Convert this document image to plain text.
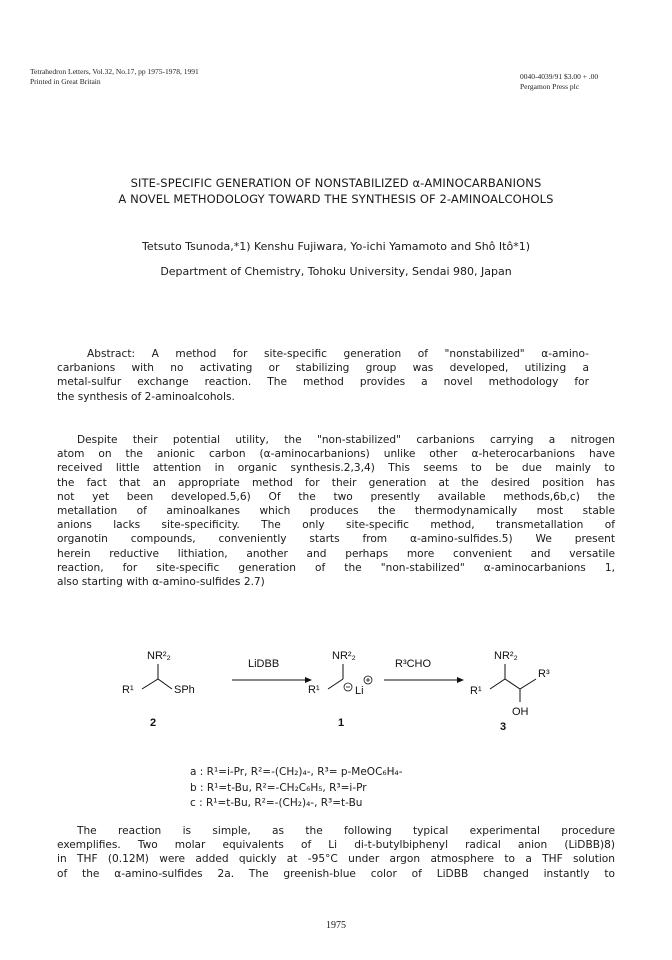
Tetrahedron Letters, Vol.32, No.17, pp 1975-1978, 1991
Printed in Great Britain
0040-4039/91 $3.00 + .00
Pergamon Press plc
SITE-SPECIFIC GENERATION OF NONSTABILIZED α-AMINOCARBANIONS
A NOVEL METHODOLOGY TOWARD THE SYNTHESIS OF 2-AMINOALCOHOLS
Tetsuto Tsunoda,*1) Kenshu Fujiwara, Yo-ichi Yamamoto and Shô Itô*1)
Department of Chemistry, Tohoku University, Sendai 980, Japan
Abstract: A method for site-specific generation of "nonstabilized" α-amino-
carbanions with no activating or stabilizing group was developed, utilizing a
metal-sulfur exchange reaction. The method provides a novel methodology for
the synthesis of 2-aminoalcohols.
Despite their potential utility, the "non-stabilized" carbanions carrying a nitrogen
atom on the anionic carbon (α-aminocarbanions) unlike other α-heterocarbanions have
received little attention in organic synthesis.2,3,4) This seems to be due mainly to
the fact that an appropriate method for their generation at the desired position has
not yet been developed.5,6) Of the two presently available methods,6b,c) the
metallation of aminoalkanes which produces the thermodynamically most stable
anions lacks site-specificity. The only site-specific method, transmetallation of
organotin compounds, conveniently starts from α-amino-sulfides.5) We present
herein reductive lithiation, another and perhaps more convenient and versatile
reaction, for site-specific generation of the "non-stabilized" α-aminocarbanions 1,
also starting with α-amino-sulfides 2.7)
NR²₂
R¹	SPh
2
LiDBB
NR²₂
R¹	Li
1
R³CHO
NR²₂
R¹
R³
OH
3
a : R¹=i-Pr, R²=-(CH₂)₄-, R³= p-MeOC₆H₄-
b : R¹=t-Bu, R²=-CH₂C₆H₅, R³=i-Pr
c : R¹=t-Bu, R²=-(CH₂)₄-, R³=t-Bu
The reaction is simple, as the following typical experimental procedure
exemplifies. Two molar equivalents of Li di-t-butylbiphenyl radical anion (LiDBB)8)
in THF (0.12M) were added quickly at -95°C under argon atmosphere to a THF solution
of the α-amino-sulfides 2a. The greenish-blue color of LiDBB changed instantly to
1975
